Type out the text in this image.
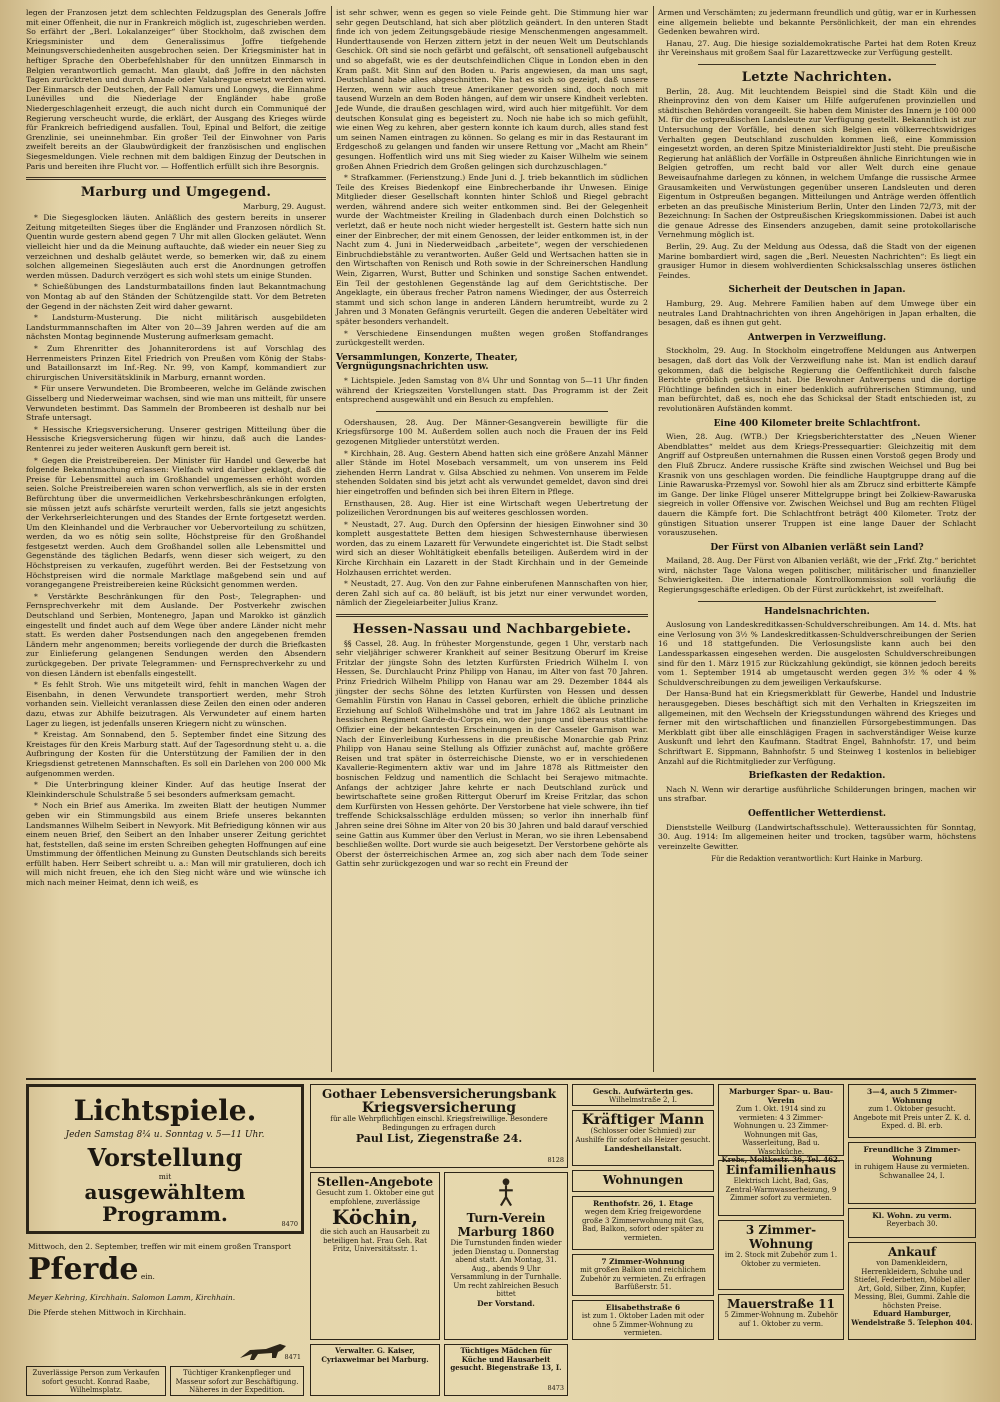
legen der Franzosen jetzt dem schlechten Feldzugsplan des Generals Joffre mit einer Offenheit, die nur in Frankreich möglich ist, zugeschrieben werden. So erfährt der „Berl. Lokalanzeiger“ über Stockholm, daß zwischen dem Kriegsminister und dem Generalissimus Joffre tiefgehende Meinungsverschiedenheiten ausgebrochen seien. Der Kriegsminister hat in heftiger Sprache den Oberbefehlshaber für den unnützen Einmarsch in Belgien verantwortlich gemacht. Man glaubt, daß Joffre in den nächsten Tagen zurücktreten und durch Amade oder Valabregue ersetzt werden wird. Der Einmarsch der Deutschen, der Fall Namurs und Longwys, die Einnahme Lunévilles und die Niederlage der Engländer habe große Niedergeschlagenheit erzeugt, die auch nicht durch ein Communiqué der Regierung verscheucht wurde, die erklärt, der Ausgang des Krieges würde für Frankreich befriedigend ausfallen. Toul, Epinal und Belfort, die zeitige Grenzlinie, sei uneinnehmbar. Ein großer Teil der Einwohner von Paris zweifelt bereits an der Glaubwürdigkeit der französischen und englischen Siegesmeldungen. Viele rechnen mit dem baldigen Einzug der Deutschen in Paris und bereiten ihre Flucht vor. — Hoffentlich erfüllt sich ihre Besorgnis.

Marburg und Umgegend.

Marburg, 29. August.

* Die Siegesglocken läuten. Anläßlich des gestern bereits in unserer Zeitung mitgeteilten Sieges über die Engländer und Franzosen nördlich St. Quentin wurde gestern abend gegen 7 Uhr mit allen Glocken geläutet. Wenn vielleicht hier und da die Meinung auftauchte, daß wieder ein neuer Sieg zu verzeichnen und deshalb geläutet werde, so bemerken wir, daß zu einem solchen allgemeinen Siegesläuten auch erst die Anordnungen getroffen werden müssen. Dadurch verzögert es sich wohl stets um einige Stunden.

* Schießübungen des Landsturmbataillons finden laut Bekanntmachung von Montag ab auf den Ständen der Schützengilde statt. Vor dem Betreten der Gegend in der nächsten Zeit wird daher gewarnt.

* Landsturm-Musterung. Die nicht militärisch ausgebildeten Landsturmmannschaften im Alter von 20—39 Jahren werden auf die am nächsten Montag beginnende Musterung aufmerksam gemacht.

* Zum Ehrenritter des Johanniterordens ist auf Vorschlag des Herrenmeisters Prinzen Eitel Friedrich von Preußen vom König der Stabs- und Bataillonsarzt im Inf.-Reg. Nr. 99, von Kampf, kommandiert zur chirurgischen Universitätsklinik in Marburg, ernannt worden.

* Für unsere Verwundeten. Die Brombeeren, welche im Gelände zwischen Gisselberg und Niederweimar wachsen, sind wie man uns mitteilt, für unsere Verwundeten bestimmt. Das Sammeln der Brombeeren ist deshalb nur bei Strafe untersagt.

* Hessische Kriegsversicherung. Unserer gestrigen Mitteilung über die Hessische Kriegsversicherung fügen wir hinzu, daß auch die Landes-Rentenrei zu jeder weiteren Auskunft gern bereit ist.

* Gegen die Preistreibereien. Der Minister für Handel und Gewerbe hat folgende Bekanntmachung erlassen: Vielfach wird darüber geklagt, daß die Preise für Lebensmittel auch im Großhandel ungemessen erhöht worden seien. Solche Preistreibereien waren schon verwerflich, als sie in der ersten Befürchtung über die unvermeidlichen Verkehrsbeschränkungen erfolgten, sie müssen jetzt aufs schärfste verurteilt werden, falls sie jetzt angesichts der Verkehrserleichterungen und des Standes der Ernte fortgesetzt werden. Um den Kleinhandel und die Verbraucher vor Uebervorteilung zu schützen, werden, da wo es nötig sein sollte, Höchstpreise für den Großhandel festgesetzt werden. Auch dem Großhandel sollen alle Lebensmittel und Gegenstände des täglichen Bedarfs, wenn dieser sich weigert, zu den Höchstpreisen zu verkaufen, zugeführt werden. Bei der Festsetzung von Höchstpreisen wird die normale Marktlage maßgebend sein und auf vorangegangene Preistreibereien keine Rücksicht genommen werden.

* Verstärkte Beschränkungen für den Post-, Telegraphen- und Fernsprechverkehr mit dem Auslande. Der Postverkehr zwischen Deutschland und Serbien, Montenegro, Japan und Marokko ist gänzlich eingestellt und findet auch auf dem Wege über andere Länder nicht mehr statt. Es werden daher Postsendungen nach den angegebenen fremden Ländern mehr angenommen; bereits vorliegende der durch die Briefkasten zur Einlieferung gelangenen Sendungen werden den Absendern zurückgegeben. Der private Telegrammen- und Fernsprechverkehr zu und von diesen Ländern ist ebenfalls eingestellt.

* Es fehlt Stroh. Wie uns mitgeteilt wird, fehlt in manchen Wagen der Eisenbahn, in denen Verwundete transportiert werden, mehr Stroh vorhanden sein. Vielleicht veranlassen diese Zeilen den einen oder anderen dazu, etwas zur Abhilfe beizutragen. Als Verwundeter auf einem harten Lager zu liegen, ist jedenfalls unseren Kriegern nicht zu wünschen.

* Kreistag. Am Sonnabend, den 5. September findet eine Sitzung des Kreistages für den Kreis Marburg statt. Auf der Tagesordnung steht u. a. die Aufbringung der Kosten für die Unterstützung der Familien der in den Kriegsdienst getretenen Mannschaften. Es soll ein Darlehen von 200 000 Mk aufgenommen werden.

* Die Unterbringung kleiner Kinder. Auf das heutige Inserat der Kleinkinderschule Schulstraße 5 sei besonders aufmerksam gemacht.

* Noch ein Brief aus Amerika. Im zweiten Blatt der heutigen Nummer geben wir ein Stimmungsbild aus einem Briefe unseres bekannten Landsmannes Wilhelm Seibert in Newyork. Mit Befriedigung können wir aus einem neuen Brief, den Seibert an den Inhaber unserer Zeitung gerichtet hat, feststellen, daß seine im ersten Schreiben gehegten Hoffnungen auf eine Umstimmung der öffentlichen Meinung zu Gunsten Deutschlands sich bereits erfüllt haben. Herr Seibert schreibt u. a.: Man will mir gratulieren, doch ich will mich nicht freuen, ehe ich den Sieg nicht wäre und wie wünsche ich mich nach meiner Heimat, denn ich weiß, es

ist sehr schwer, wenn es gegen so viele Feinde geht. Die Stimmung hier war sehr gegen Deutschland, hat sich aber plötzlich geändert. In den unteren Stadt finde ich von jedem Zeitungsgebäude riesige Menschenmengen angesammelt. Hunderttausende von Herzen zittern jetzt in der neuen Welt um Deutschlands Geschick. Oft sind sie noch gefärbt und gefälscht, oft sensationell aufgebauscht und so abgefaßt, wie es der deutschfeindlichen Clique in London eben in den Kram paßt. Mit Sinn auf den Boden u. Paris angewiesen, da man uns sagt, Deutschland habe alles abgeschnitten. Nie hat es sich so gezeigt, daß unsere Herzen, wenn wir auch treue Amerikaner geworden sind, doch noch mit tausend Wurzeln an dem Boden hängen, auf dem wir unsere Kindheit verlebten. Jede Wunde, die draußen geschlagen wird, wird auch hier mitgefühlt. Vor dem deutschen Konsulat ging es begeistert zu. Noch nie habe ich so mich gefühlt, wie einen Weg zu kehren, aber gestern konnte ich kaum durch, alles stand fest um seinen Namen eintragen zu können. So gelang es mir in das Restaurant im Erdgeschoß zu gelangen und fanden wir unsere Rettung vor „Macht am Rhein“ gesungen. Hoffentlich wird uns mit Sieg wieder zu Kaiser Wilhelm wie seinem großen Ahnen Friedrich dem Großen gelingen sich durchzuschlagen.“

* Strafkammer. (Ferienstzung.) Ende Juni d. J. trieb bekanntlich im südlichen Teile des Kreises Biedenkopf eine Einbrecherbande ihr Unwesen. Einige Mitglieder dieser Gesellschaft konnten hinter Schloß und Riegel gebracht werden, während andere sich weiter entkommen sind. Bei der Gelegenheit wurde der Wachtmeister Kreiling in Gladenbach durch einen Dolchstich so verletzt, daß er heute noch nicht wieder hergestellt ist. Gestern hatte sich nun einer der Einbrecher, der mit einem Genossen, der leider entkommen ist, in der Nacht zum 4. Juni in Niederweidbach „arbeitete“, wegen der verschiedenen Einbruchdiebstähle zu verantworten. Außer Geld und Wertsachen hatten sie in den Wirtschaften von Renisch und Roth sowie in der Schreinerschen Handlung Wein, Zigarren, Wurst, Butter und Schinken und sonstige Sachen entwendet. Ein Teil der gestohlenen Gegenstände lag auf dem Gerichtstische. Der Angeklagte, ein überaus frecher Patron namens Wiedinger, der aus Österreich stammt und sich schon lange in anderen Ländern herumtreibt, wurde zu 2 Jahren und 3 Monaten Gefängnis verurteilt. Gegen die anderen Uebeltäter wird später besonders verhandelt.

* Verschiedene Einsendungen mußten wegen großen Stoffandranges zurückgestellt werden.

Versammlungen, Konzerte, Theater, Vergnügungsnachrichten usw.

* Lichtspiele. Jeden Samstag von 8¼ Uhr und Sonntag von 5—11 Uhr finden während der Kriegszeiten Vorstellungen statt. Das Programm ist der Zeit entsprechend ausgewählt und ein Besuch zu empfehlen.

Odershausen, 28. Aug. Der Männer-Gesangverein bewilligte für die Kriegsfürsorge 100 M. Außerdem sollen auch noch die Frauen der ins Feld gezogenen Mitglieder unterstützt werden.

* Kirchhain, 28. Aug. Gestern Abend hatten sich eine größere Anzahl Männer aller Stände im Hotel Mosebach versammelt, um von unserem ins Feld ziehenden Herrn Landrat v. Gilsa Abschied zu nehmen. Von unserem im Felde stehenden Soldaten sind bis jetzt acht als verwundet gemeldet, davon sind drei hier eingetroffen und befinden sich bei ihren Eltern in Pflege.

Ernsthausen, 28. Aug. Hier ist eine Wirtschaft wegen Uebertretung der polizeilichen Verordnungen bis auf weiteres geschlossen worden.

* Neustadt, 27. Aug. Durch den Opfersinn der hiesigen Einwohner sind 30 komplett ausgestattete Betten dem hiesigen Schwesternhause überwiesen worden, das zu einem Lazarett für Verwundete eingerichtet ist. Die Stadt selbst wird sich an dieser Wohltätigkeit ebenfalls beteiligen. Außerdem wird in der Kirche Kirchhain ein Lazarett in der Stadt Kirchhain und in der Gemeinde Holzhausen errichtet werden.

* Neustadt, 27. Aug. Von den zur Fahne einberufenen Mannschaften von hier, deren Zahl sich auf ca. 80 beläuft, ist bis jetzt nur einer verwundet worden, nämlich der Ziegeleiarbeiter Julius Kranz.

Hessen-Nassau und Nachbargebiete.

§§ Cassel, 28. Aug. In frühester Morgenstunde, gegen 1 Uhr, verstarb nach sehr vieljähriger schwerer Krankheit auf seiner Besitzung Oberurf im Kreise Fritzlar der jüngste Sohn des letzten Kurfürsten Friedrich Wilhelm I. von Hessen, Se. Durchlaucht Prinz Philipp von Hanau, im Alter von fast 70 Jahren. Prinz Friedrich Wilhelm Philipp von Hanau war am 29. Dezember 1844 als jüngster der sechs Söhne des letzten Kurfürsten von Hessen und dessen Gemahlin Fürstin von Hanau in Cassel geboren, erhielt die übliche prinzliche Erziehung auf Schloß Wilhelmshöhe und trat im Jahre 1862 als Leutnant im hessischen Regiment Garde-du-Corps ein, wo der junge und überaus stattliche Offizier eine der bekanntesten Erscheinungen in der Casseler Garnison war. Nach der Einverleibung Kurhessens in die preußische Monarchie gab Prinz Philipp von Hanau seine Stellung als Offizier zunächst auf, machte größere Reisen und trat später in österreichische Dienste, wo er in verschiedenen Kavallerie-Regimentern aktiv war und im Jahre 1878 als Rittmeister den bosnischen Feldzug und namentlich die Schlacht bei Serajewo mitmachte. Anfangs der achtziger Jahre kehrte er nach Deutschland zurück und bewirtschaftete seine großen Rittergut Oberurf im Kreise Fritzlar, das schon dem Kurfürsten von Hessen gehörte. Der Verstorbene hat viele schwere, ihn tief treffende Schicksalsschläge erdulden müssen; so verlor ihn innerhalb fünf Jahren seine drei Söhne im Alter von 20 bis 30 Jahren und bald darauf verschied seine Gattin aus Kummer über den Verlust in Meran, wo sie ihren Lebensabend beschließen wollte. Dort wurde sie auch beigesetzt. Der Verstorbene gehörte als Oberst der österreichischen Armee an, zog sich aber nach dem Tode seiner Gattin sehr zurückgezogen und war so recht ein Freund der

Armen und Verschämten; zu jedermann freundlich und gütig, war er in Kurhessen eine allgemein beliebte und bekannte Persönlichkeit, der man ein ehrendes Gedenken bewahren wird.

Hanau, 27. Aug. Die hiesige sozialdemokratische Partei hat dem Roten Kreuz ihr Vereinshaus mit großem Saal für Lazarettzwecke zur Verfügung gestellt.

Letzte Nachrichten.

Berlin, 28. Aug. Mit leuchtendem Beispiel sind die Stadt Köln und die Rheinprovinz den von dem Kaiser um Hilfe aufgerufenen provinziellen und städtischen Behörden vorangeeilt. Sie haben dem Minister des Innern je 100 000 M. für die ostpreußischen Landsleute zur Verfügung gestellt. Bekanntlich ist zur Untersuchung der Vorfälle, bei denen sich Belgien ein völkerrechtswidriges Verhalten gegen Deutschland zuschulden kommen ließ, eine Kommission eingesetzt worden, an deren Spitze Ministerialdirektor Justi steht. Die preußische Regierung hat anläßlich der Vorfälle in Ostpreußen ähnliche Einrichtungen wie in Belgien getroffen, um recht bald vor aller Welt durch eine genaue Beweisaufnahme darlegen zu können, in welchem Umfange die russische Armee Grausamkeiten und Verwüstungen gegenüber unseren Landsleuten und deren Eigentum in Ostpreußen begangen. Mitteilungen und Anträge werden öffentlich erbeten an das preußische Ministerium Berlin, Unter den Linden 72/73, mit der Bezeichnung: In Sachen der Ostpreußischen Kriegskommissionen. Dabei ist auch die genaue Adresse des Einsenders anzugeben, damit seine protokollarische Vernehmung möglich ist.

Berlin, 29. Aug. Zu der Meldung aus Odessa, daß die Stadt von der eigenen Marine bombardiert wird, sagen die „Berl. Neuesten Nachrichten“: Es liegt ein grausiger Humor in diesem wohlverdienten Schicksalsschlag unseres östlichen Feindes.

Sicherheit der Deutschen in Japan.

Hamburg, 29. Aug. Mehrere Familien haben auf dem Umwege über ein neutrales Land Drahtnachrichten von ihren Angehörigen in Japan erhalten, die besagen, daß es ihnen gut geht.

Antwerpen in Verzweiflung.

Stockholm, 29. Aug. In Stockholm eingetroffene Meldungen aus Antwerpen besagen, daß dort das Volk der Verzweiflung nahe ist. Man ist endlich darauf gekommen, daß die belgische Regierung die Oeffentlichkeit durch falsche Berichte gröblich getäuscht hat. Die Bewohner Antwerpens und die dortige Flüchtlinge befinden sich in einer bedenklich aufrührerischen Stimmung, und man befürchtet, daß es, noch ehe das Schicksal der Stadt entschieden ist, zu revolutionären Aufständen kommt.

Eine 400 Kilometer breite Schlachtfront.

Wien, 28. Aug. (WTB.) Der Kriegsberichterstatter des „Neuen Wiener Abendblattes“ meldet aus dem Kriegs-Pressequartier: Gleichzeitig mit dem Angriff auf Ostpreußen unternahmen die Russen einen Vorstoß gegen Brody und den Fluß Zbrucz. Andere russische Kräfte sind zwischen Weichsel und Bug bei Krasnik von uns geschlagen worden. Die feindliche Hauptgruppe drang auf die Linie Rawaruska-Przemysl vor. Sowohl hier als am Zbrucz sind erbitterte Kämpfe im Gange. Der linke Flügel unserer Mittelgruppe bringt bei Zolkiew-Rawaruska siegreich in voller Offensive vor. Zwischen Weichsel und Bug am rechten Flügel dauern die Kämpfe fort. Die Schlachtfront beträgt 400 Kilometer. Trotz der günstigen Situation unserer Truppen ist eine lange Dauer der Schlacht vorauszusehen.

Der Fürst von Albanien verläßt sein Land?

Mailand, 28. Aug. Der Fürst von Albanien verläßt, wie der „Frkf. Ztg.“ berichtet wird, nächster Tage Valona wegen politischer, militärischer und finanzieller Schwierigkeiten. Die internationale Kontrollkommission soll vorläufig die Regierungsgeschäfte erledigen. Ob der Fürst zurückkehrt, ist zweifelhaft.

Handelsnachrichten.

Auslosung von Landeskreditkassen-Schuldverschreibungen. Am 14. d. Mts. hat eine Verlosung von 3½ % Landeskreditkassen-Schuldverschreibungen der Serien 16 und 18 stattgefunden. Die Verlosungsliste kann auch bei den Landessparkassen eingesehen werden. Die ausgelosten Schuldverschreibungen sind für den 1. März 1915 zur Rückzahlung gekündigt, sie können jedoch bereits vom 1. September 1914 ab umgetauscht werden gegen 3½ % oder 4 % Schuldverschreibungen zu dem jeweiligen Verkaufskurse.

Der Hansa-Bund hat ein Kriegsmerkblatt für Gewerbe, Handel und Industrie herausgegeben. Dieses beschäftigt sich mit den Verhalten in Kriegszeiten im allgemeinen, mit den Wechseln der Kriegsstundungen während des Krieges und ferner mit den wirtschaftlichen und finanziellen Fürsorgebestimmungen. Das Merkblatt gibt über alle einschlägigen Fragen in sachverständiger Weise kurze Auskunft und lehrt den Kaufmann. Stadtrat Engel, Bahnhofstr. 17, und beim Schriftwart E. Sippmann, Bahnhofstr. 5 und Steinweg 1 kostenlos in beliebiger Anzahl auf die Richtmitglieder zur Verfügung.

Briefkasten der Redaktion.

Nach N. Wenn wir derartige ausführliche Schilderungen bringen, machen wir uns strafbar.

Oeffentlicher Wetterdienst.

Dienststelle Weilburg (Landwirtschaftsschule). Wetteraussichten für Sonntag, 30. Aug. 1914: Im allgemeinen heiter und trocken, tagsüber warm, höchstens vereinzelte Gewitter.

Für die Redaktion verantwortlich: Kurt Hainke in Marburg.
Lichtspiele.
Jeden Samstag 8¼ u. Sonntag v. 5—11 Uhr.
Vorstellung
mit
ausgewähltem Programm.	8470
Mittwoch, den 2. September, treffen wir mit einem großen Transport
Pferde ein.
Meyer Kehring, Kirchhain. Salomon Lamm, Kirchhain.
Die Pferde stehen Mittwoch in Kirchhain.
8471
Gothaer Lebensversicherungsbank
Kriegsversicherung
für alle Wehrpflichtigen einschl. Kriegsfreiwillige. Besondere Bedingungen zu erfragen durch
Paul List, Ziegenstraße 24.
8128
Stellen-Angebote
Gesucht zum 1. Oktober eine gut empfohlene, zuverlässige
Köchin,
die sich auch an Hausarbeit zu beteiligen hat. Frau Geh. Rat Fritz, Universitätsstr. 1.
Turn-Verein Marburg 1860
Die Turnstunden finden wieder jeden Dienstag u. Donnerstag abend statt. Am Montag, 31. Aug., abends 9 Uhr Versammlung in der Turnhalle. Um recht zahlreichen Besuch bittet
Der Vorstand.
Gesch. Aufwärterin ges.
Wilhelmstraße 2, I.
Kräftiger Mann
(Schlosser oder Schmied) zur Aushilfe für sofort als Heizer gesucht.
Landesheilanstalt.
Wohnungen
Renthofstr. 26, 1. Etage
wegen dem Krieg freigewordene große 3 Zimmerwohnung mit Gas, Bad, Balkon, sofort oder später zu vermieten.
7 Zimmer-Wohnung
mit großen Balkon und reichlichem Zubehör zu vermieten. Zu erfragen Barfüßerstr. 51.
Elisabethstraße 6
ist zum 1. Oktober Laden mit oder ohne 5 Zimmer-Wohnung zu vermieten.
Marburger Spar- u. Bau-Verein
Zum 1. Okt. 1914 sind zu vermieten: 4 3 Zimmer-Wohnungen u. 23 Zimmer-Wohnungen mit Gas, Wasserleitung, Bad u. Waschküche.
Krebs, Moltkestr. 36, Tel. 462.
Einfamilienhaus
Elektrisch Licht, Bad, Gas, Zentral-Warmwasserheizung, 9 Zimmer sofort zu vermieten.
3 Zimmer-Wohnung
im 2. Stock mit Zubehör zum 1. Oktober zu vermieten.
Mauerstraße 11
5 Zimmer-Wohnung m. Zubehör auf 1. Oktober zu verm.
3—4, auch 5 Zimmer-Wohnung
zum 1. Oktober gesucht. Angebote mit Preis unter Z. K. d. Exped. d. Bl. erb.
Freundliche 3 Zimmer-Wohnung
in ruhigem Hause zu vermieten. Schwanallee 24, I.
Kl. Wohn. zu verm.
Reyerbach 30.
Ankauf
von Damenkleidern, Herrenkleidern, Schuhe und Stiefel, Federbetten, Möbel aller Art, Gold, Silber, Zinn, Kupfer, Messing, Blei, Gummi. Zahle die höchsten Preise.
Eduard Hamburger, Wendelstraße 5. Telephon 404.
Zuverlässige Person zum Verkaufen sofort gesucht. Konrad Raabe, Wilhelmsplatz.
Tüchtiger Krankenpfleger und Masseur sofort zur Beschäftigung. Näheres in der Expedition.
Verwalter. G. Kaiser, Cyriaxweimar bei Marburg.
Tüchtiges Mädchen für Küche und Hausarbeit gesucht. Biegenstraße 13, I.
8473
